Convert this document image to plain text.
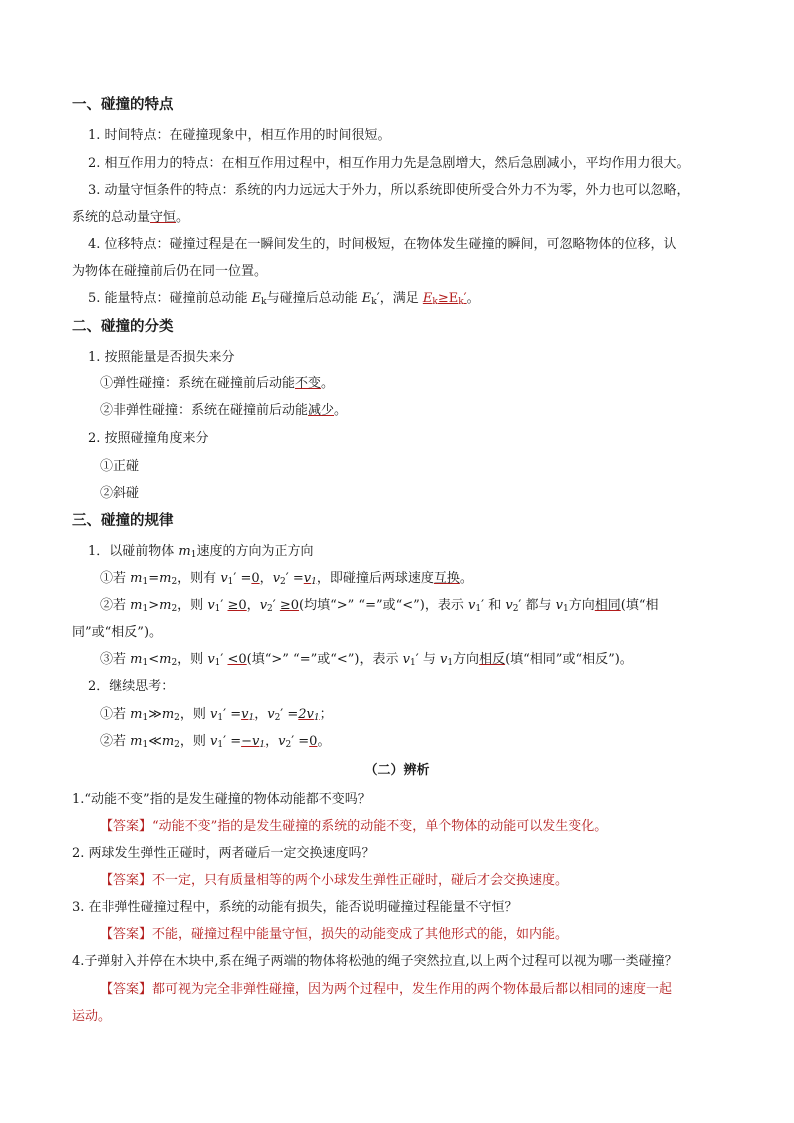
一、碰撞的特点
1. 时间特点：在碰撞现象中，相互作用的时间很短。
2. 相互作用力的特点：在相互作用过程中，相互作用力先是急剧增大，然后急剧减小，平均作用力很大。
3. 动量守恒条件的特点：系统的内力远远大于外力，所以系统即使所受合外力不为零，外力也可以忽略，
系统的总动量守恒。
4. 位移特点：碰撞过程是在一瞬间发生的，时间极短，在物体发生碰撞的瞬间，可忽略物体的位移，认
为物体在碰撞前后仍在同一位置。
5. 能量特点：碰撞前总动能 $E_k$与碰撞后总动能 $E_k'$，满足 $E_k\ge E_k'$。
二、碰撞的分类
1. 按照能量是否损失来分
①弹性碰撞：系统在碰撞前后动能不变。
②非弹性碰撞：系统在碰撞前后动能减少。
2. 按照碰撞角度来分
①正碰
②斜碰
三、碰撞的规律
1．以碰前物体 $m_1$速度的方向为正方向
①若 $m_1=m_2$，则有 $v_1' =0$，$v_2' =v_1$，即碰撞后两球速度互换。
②若 $m_1>m_2$，则 $v_1' \ge 0$，$v_2' \ge 0$(均填“>” “=”或“<”)，表示 $v_1'$ 和 $v_2'$ 都与 $v_1$方向相同(填“相
同”或“相反”)。
③若 $m_1<m_2$，则 $v_1' <0$(填“>” “=”或“<”)，表示 $v_1'$ 与 $v_1$方向相反(填“相同”或“相反”)。
2．继续思考：
①若 $m_1≫m_2$，则 $v_1' =v_1$，$v_2' =2v_1$；
②若 $m_1≪m_2$，则 $v_1' =-v_1$，$v_2' =0$。
（二）辨析
1.“动能不变”指的是发生碰撞的物体动能都不变吗？
【答案】“动能不变”指的是发生碰撞的系统的动能不变，单个物体的动能可以发生变化。
2. 两球发生弹性正碰时，两者碰后一定交换速度吗？
【答案】不一定，只有质量相等的两个小球发生弹性正碰时，碰后才会交换速度。
3. 在非弹性碰撞过程中，系统的动能有损失，能否说明碰撞过程能量不守恒？
【答案】不能，碰撞过程中能量守恒，损失的动能变成了其他形式的能，如内能。
4.子弹射入并停在木块中,系在绳子两端的物体将松弛的绳子突然拉直,以上两个过程可以视为哪一类碰撞？
【答案】都可视为完全非弹性碰撞，因为两个过程中，发生作用的两个物体最后都以相同的速度一起
运动。
